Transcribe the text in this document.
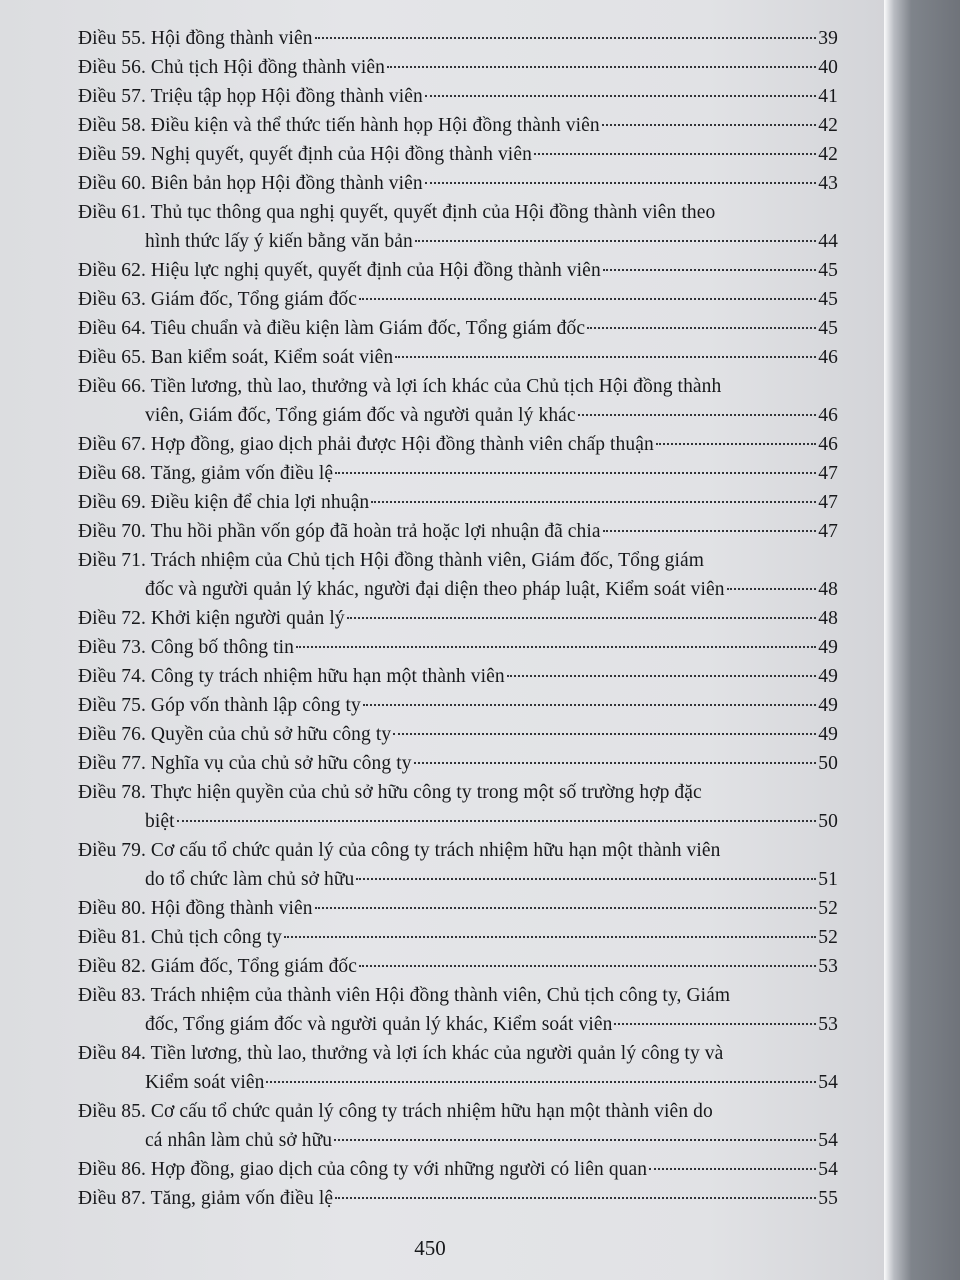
Điều 55. Hội đồng thành viên	39
Điều 56. Chủ tịch Hội đồng thành viên	40
Điều 57. Triệu tập họp Hội đồng thành viên	41
Điều 58. Điều kiện và thể thức tiến hành họp Hội đồng thành viên	42
Điều 59. Nghị quyết, quyết định của Hội đồng thành viên	42
Điều 60. Biên bản họp Hội đồng thành viên	43
Điều 61. Thủ tục thông qua nghị quyết, quyết định của Hội đồng thành viên theo
hình thức lấy ý kiến bằng văn bản	44
Điều 62. Hiệu lực nghị quyết, quyết định của Hội đồng thành viên	45
Điều 63. Giám đốc, Tổng giám đốc	45
Điều 64. Tiêu chuẩn và điều kiện làm Giám đốc, Tổng giám đốc	45
Điều 65. Ban kiểm soát, Kiểm soát viên	46
Điều 66. Tiền lương, thù lao, thưởng và lợi ích khác của Chủ tịch Hội đồng thành
viên, Giám đốc, Tổng giám đốc và người quản lý khác	46
Điều 67. Hợp đồng, giao dịch phải được Hội đồng thành viên chấp thuận	46
Điều 68. Tăng, giảm vốn điều lệ	47
Điều 69. Điều kiện để chia lợi nhuận	47
Điều 70. Thu hồi phần vốn góp đã hoàn trả hoặc lợi nhuận đã chia	47
Điều 71. Trách nhiệm của Chủ tịch Hội đồng thành viên, Giám đốc, Tổng giám
đốc và người quản lý khác, người đại diện theo pháp luật, Kiểm soát viên	48
Điều 72. Khởi kiện người quản lý	48
Điều 73. Công bố thông tin	49
Điều 74. Công ty trách nhiệm hữu hạn một thành viên	49
Điều 75. Góp vốn thành lập công ty	49
Điều 76. Quyền của chủ sở hữu công ty	49
Điều 77. Nghĩa vụ của chủ sở hữu công ty	50
Điều 78. Thực hiện quyền của chủ sở hữu công ty trong một số trường hợp đặc
biệt	50
Điều 79. Cơ cấu tổ chức quản lý của công ty trách nhiệm hữu hạn một thành viên
do tổ chức làm chủ sở hữu	51
Điều 80. Hội đồng thành viên	52
Điều 81. Chủ tịch công ty	52
Điều 82. Giám đốc, Tổng giám đốc	53
Điều 83. Trách nhiệm của thành viên Hội đồng thành viên, Chủ tịch công ty, Giám
đốc, Tổng giám đốc và người quản lý khác, Kiểm soát viên	53
Điều 84. Tiền lương, thù lao, thưởng và lợi ích khác của người quản lý công ty và
Kiểm soát viên	54
Điều 85. Cơ cấu tổ chức quản lý công ty trách nhiệm hữu hạn một thành viên do
cá nhân làm chủ sở hữu	54
Điều 86. Hợp đồng, giao dịch của công ty với những người có liên quan	54
Điều 87. Tăng, giảm vốn điều lệ	55
450
